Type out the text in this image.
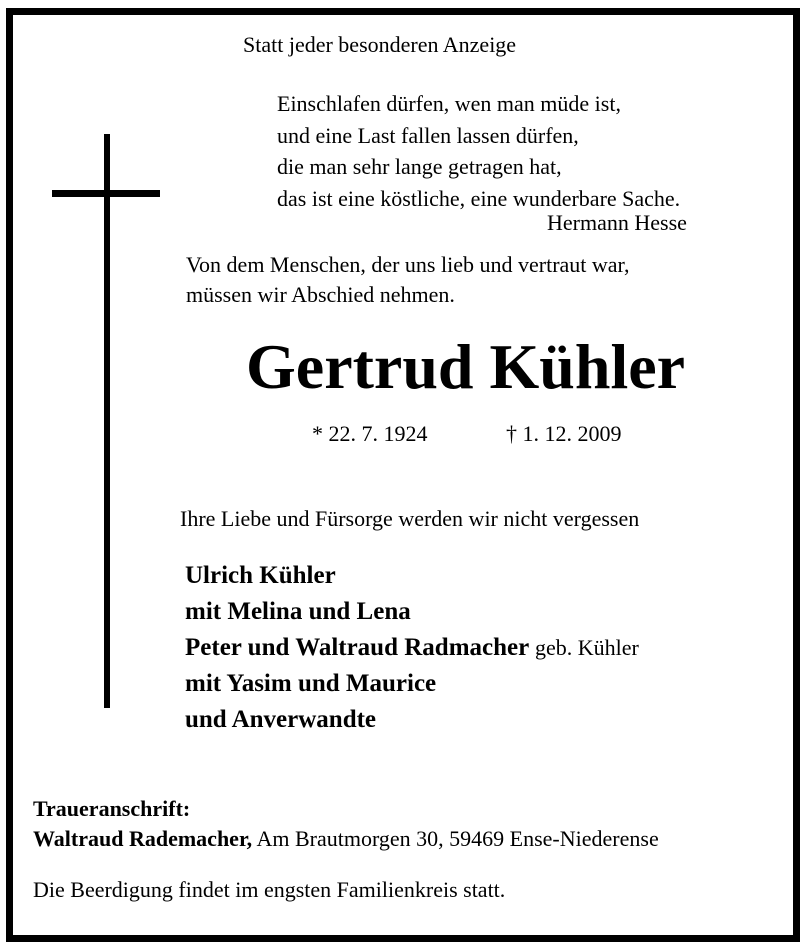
Statt jeder besonderen Anzeige
Einschlafen dürfen, wen man müde ist,
und eine Last fallen lassen dürfen,
die man sehr lange getragen hat,
das ist eine köstliche, eine wunderbare Sache.
Hermann Hesse
Von dem Menschen, der uns lieb und vertraut war,
müssen wir Abschied nehmen.
Gertrud Kühler
* 22. 7. 1924	† 1. 12. 2009
Ihre Liebe und Fürsorge werden wir nicht vergessen
Ulrich Kühler
mit Melina und Lena
Peter und Waltraud Radmacher geb. Kühler
mit Yasim und Maurice
und Anverwandte
Traueranschrift:
Waltraud Rademacher, Am Brautmorgen 30, 59469 Ense-Niederense
Die Beerdigung findet im engsten Familienkreis statt.
